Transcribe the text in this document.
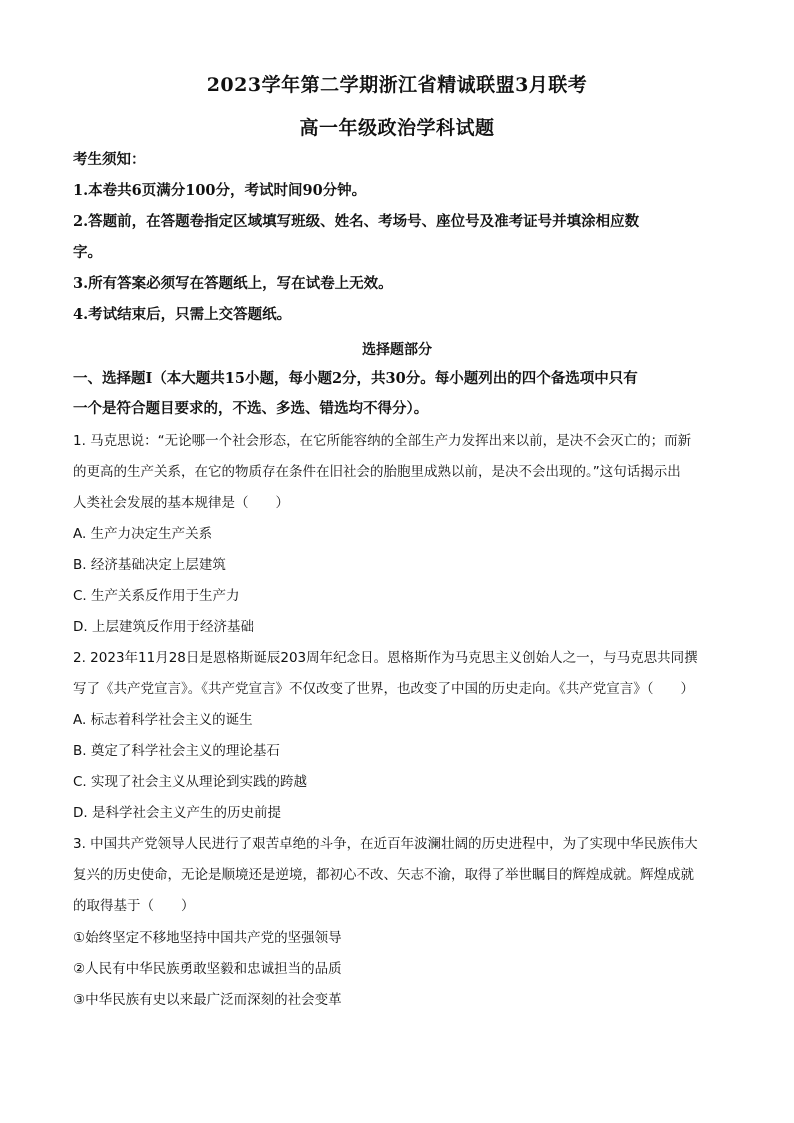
2023学年第二学期浙江省精诚联盟3月联考
高一年级政治学科试题
考生须知：
1.本卷共6页满分100分，考试时间90分钟。
2.答题前，在答题卷指定区域填写班级、姓名、考场号、座位号及准考证号并填涂相应数
字。
3.所有答案必须写在答题纸上，写在试卷上无效。
4.考试结束后，只需上交答题纸。
选择题部分
一、选择题Ⅰ（本大题共15小题，每小题2分，共30分。每小题列出的四个备选项中只有
一个是符合题目要求的，不选、多选、错选均不得分）。
1. 马克思说：“无论哪一个社会形态，在它所能容纳的全部生产力发挥出来以前，是决不会灭亡的；而新
的更高的生产关系，在它的物质存在条件在旧社会的胎胞里成熟以前，是决不会出现的。”这句话揭示出
人类社会发展的基本规律是（　　）
A. 生产力决定生产关系
B. 经济基础决定上层建筑
C. 生产关系反作用于生产力
D. 上层建筑反作用于经济基础
2. 2023年11月28日是恩格斯诞辰203周年纪念日。恩格斯作为马克思主义创始人之一，与马克思共同撰
写了《共产党宣言》。《共产党宣言》不仅改变了世界，也改变了中国的历史走向。《共产党宣言》（　　）
A. 标志着科学社会主义的诞生
B. 奠定了科学社会主义的理论基石
C. 实现了社会主义从理论到实践的跨越
D. 是科学社会主义产生的历史前提
3. 中国共产党领导人民进行了艰苦卓绝的斗争，在近百年波澜壮阔的历史进程中，为了实现中华民族伟大
复兴的历史使命，无论是顺境还是逆境，都初心不改、矢志不渝，取得了举世瞩目的辉煌成就。辉煌成就
的取得基于（　　）
①始终坚定不移地坚持中国共产党的坚强领导
②人民有中华民族勇敢坚毅和忠诚担当的品质
③中华民族有史以来最广泛而深刻的社会变革
